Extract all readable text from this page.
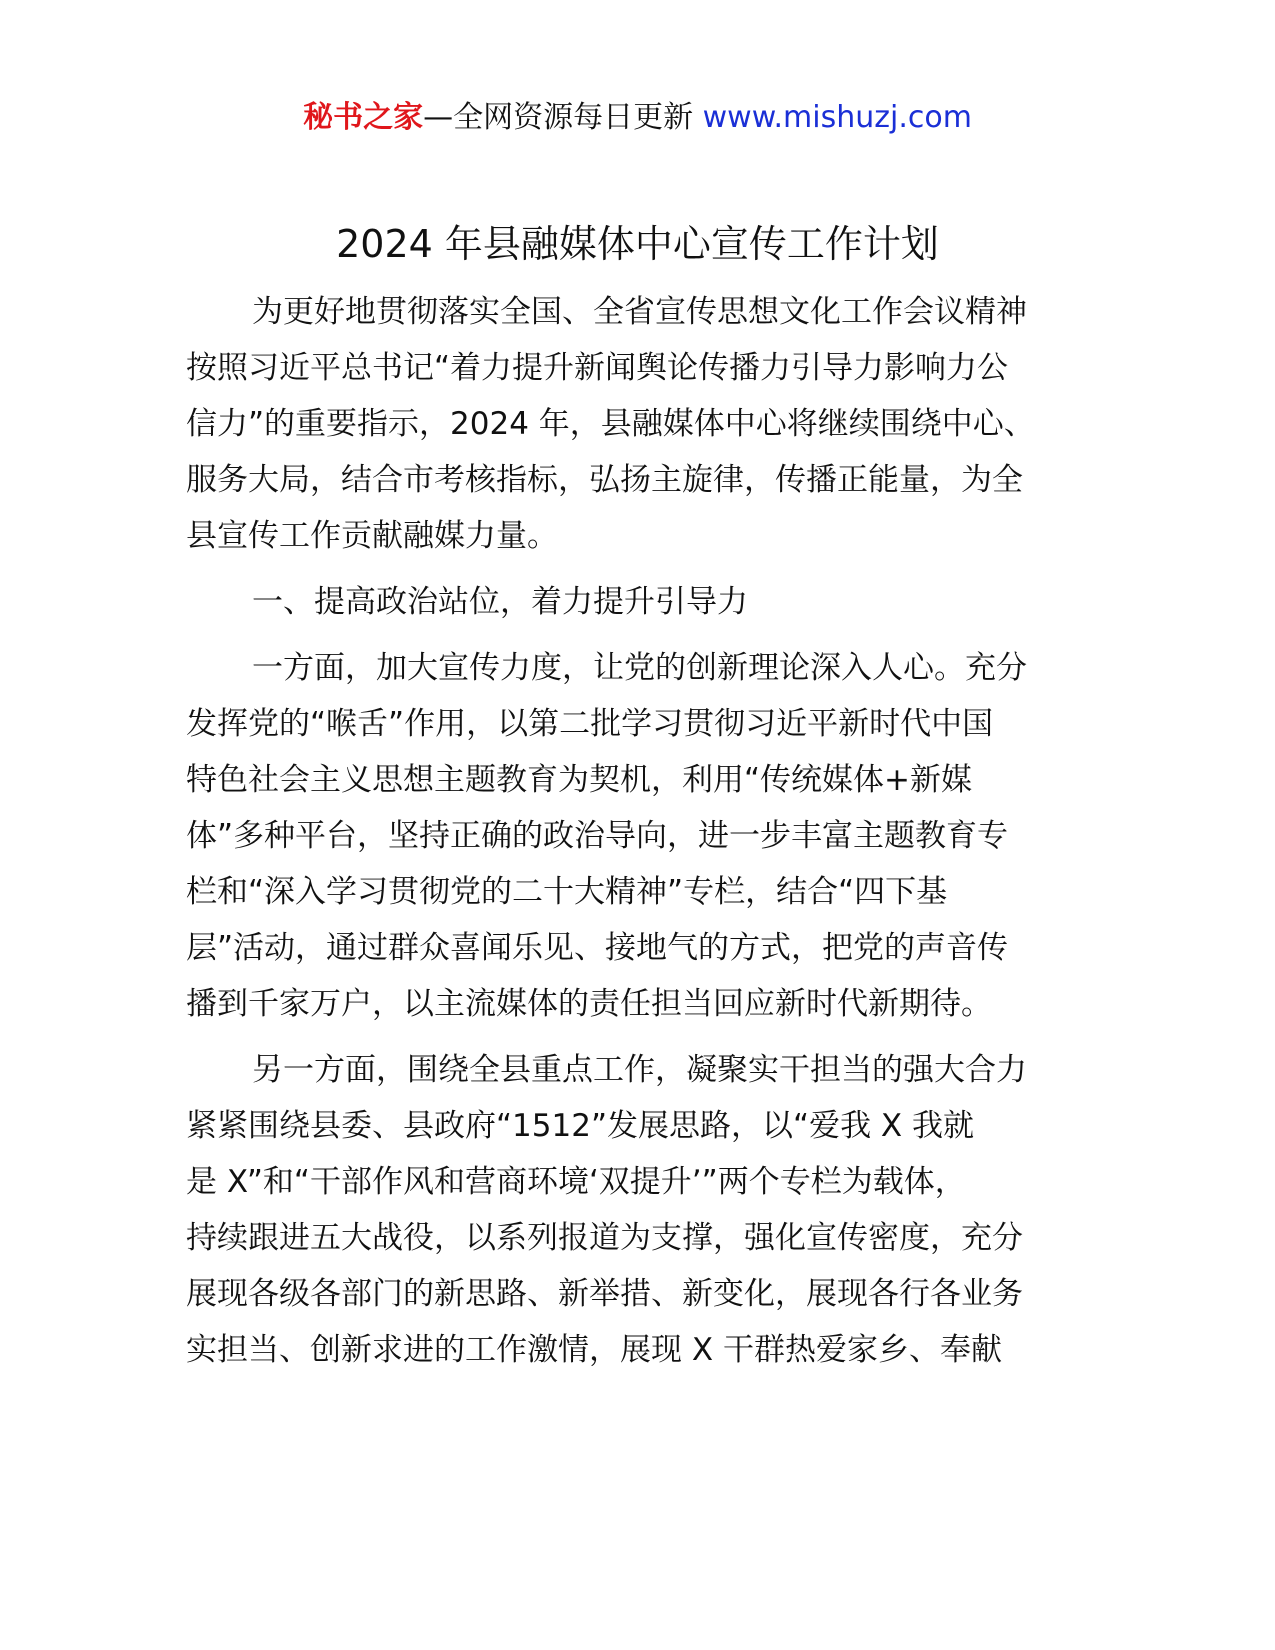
秘书之家—全网资源每日更新 www.mishuzj.com
2024 年县融媒体中心宣传工作计划

为更好地贯彻落实全国、全省宣传思想文化工作会议精神
按照习近平总书记“着力提升新闻舆论传播力引导力影响力公
信力”的重要指示，2024 年，县融媒体中心将继续围绕中心、
服务大局，结合市考核指标，弘扬主旋律，传播正能量，为全
县宣传工作贡献融媒力量。

一、提高政治站位，着力提升引导力

一方面，加大宣传力度，让党的创新理论深入人心。充分
发挥党的“喉舌”作用，以第二批学习贯彻习近平新时代中国
特色社会主义思想主题教育为契机，利用“传统媒体+新媒
体”多种平台，坚持正确的政治导向，进一步丰富主题教育专
栏和“深入学习贯彻党的二十大精神”专栏，结合“四下基
层”活动，通过群众喜闻乐见、接地气的方式，把党的声音传
播到千家万户，以主流媒体的责任担当回应新时代新期待。

另一方面，围绕全县重点工作，凝聚实干担当的强大合力
紧紧围绕县委、县政府“1512”发展思路，以“爱我 X 我就
是 X”和“干部作风和营商环境‘双提升’”两个专栏为载体，
持续跟进五大战役，以系列报道为支撑，强化宣传密度，充分
展现各级各部门的新思路、新举措、新变化，展现各行各业务
实担当、创新求进的工作激情，展现 X 干群热爱家乡、奉献
